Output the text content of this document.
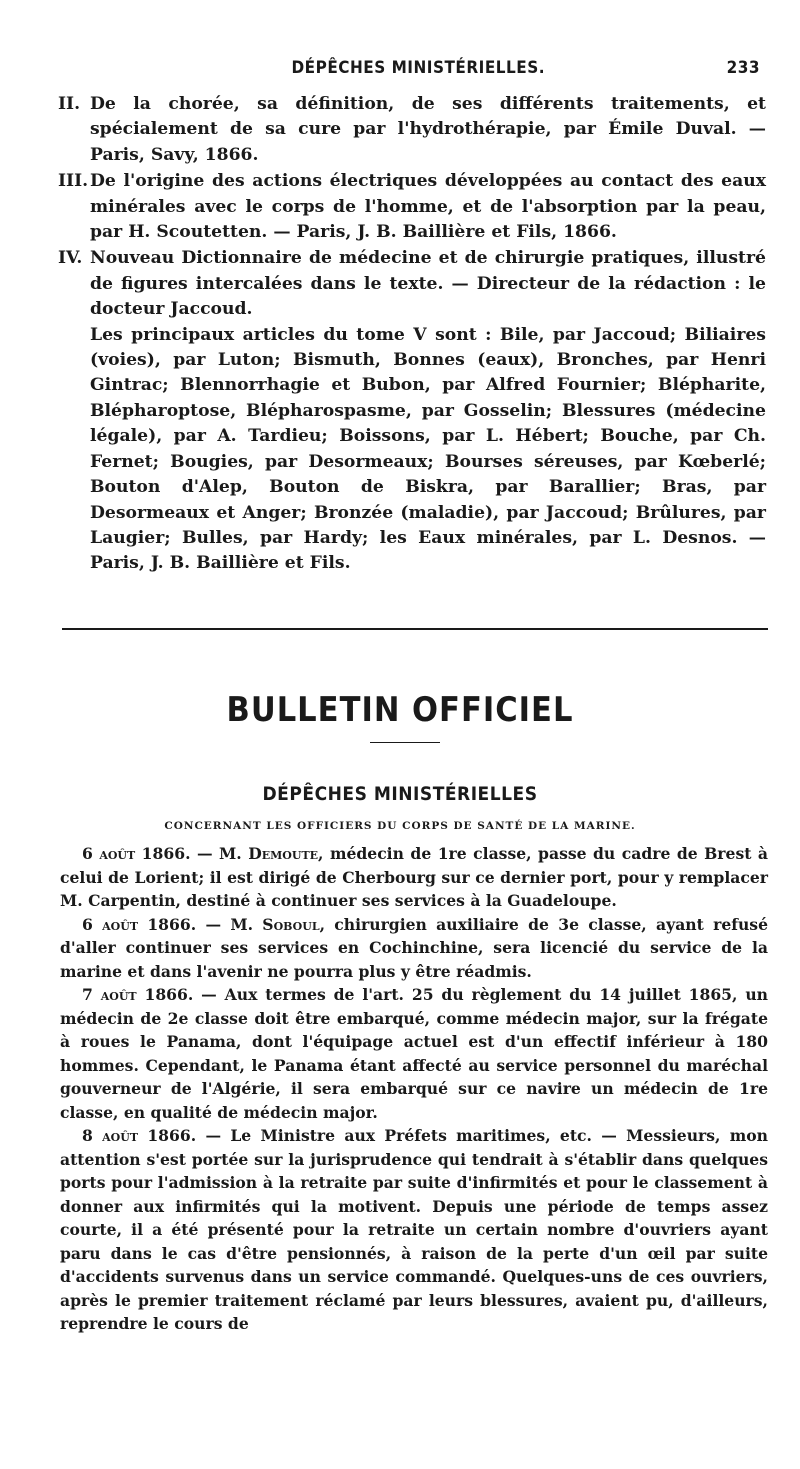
DÉPÊCHES MINISTÉRIELLES.	233
II. De la chorée, sa définition, de ses différents traitements, et spécialement de sa cure par l'hydrothérapie, par Émile Duval. — Paris, Savy, 1866.

III. De l'origine des actions électriques développées au contact des eaux minérales avec le corps de l'homme, et de l'absorption par la peau, par H. Scoutetten. — Paris, J. B. Baillière et Fils, 1866.

IV. Nouveau Dictionnaire de médecine et de chirurgie pratiques, illustré de figures intercalées dans le texte. — Directeur de la rédaction : le docteur Jaccoud.

Les principaux articles du tome V sont : Bile, par Jaccoud; Biliaires (voies), par Luton; Bismuth, Bonnes (eaux), Bronches, par Henri Gintrac; Blennorrhagie et Bubon, par Alfred Fournier; Blépharite, Blépharoptose, Blépharospasme, par Gosselin; Blessures (médecine légale), par A. Tardieu; Boissons, par L. Hébert; Bouche, par Ch. Fernet; Bougies, par Desormeaux; Bourses séreuses, par Kœberlé; Bouton d'Alep, Bouton de Biskra, par Barallier; Bras, par Desormeaux et Anger; Bronzée (maladie), par Jaccoud; Brûlures, par Laugier; Bulles, par Hardy; les Eaux minérales, par L. Desnos. — Paris, J. B. Baillière et Fils.

BULLETIN OFFICIEL
DÉPÊCHES MINISTÉRIELLES
CONCERNANT LES OFFICIERS DU CORPS DE SANTÉ DE LA MARINE.

6 août 1866. — M. Demoute, médecin de 1re classe, passe du cadre de Brest à celui de Lorient; il est dirigé de Cherbourg sur ce dernier port, pour y remplacer M. Carpentin, destiné à continuer ses services à la Guadeloupe.

6 août 1866. — M. Soboul, chirurgien auxiliaire de 3e classe, ayant refusé d'aller continuer ses services en Cochinchine, sera licencié du service de la marine et dans l'avenir ne pourra plus y être réadmis.

7 août 1866. — Aux termes de l'art. 25 du règlement du 14 juillet 1865, un médecin de 2e classe doit être embarqué, comme médecin major, sur la frégate à roues le Panama, dont l'équipage actuel est d'un effectif inférieur à 180 hommes. Cependant, le Panama étant affecté au service personnel du maréchal gouverneur de l'Algérie, il sera embarqué sur ce navire un médecin de 1re classe, en qualité de médecin major.

8 août 1866. — Le Ministre aux Préfets maritimes, etc. — Messieurs, mon attention s'est portée sur la jurisprudence qui tendrait à s'établir dans quelques ports pour l'admission à la retraite par suite d'infirmités et pour le classement à donner aux infirmités qui la motivent. Depuis une période de temps assez courte, il a été présenté pour la retraite un certain nombre d'ouvriers ayant paru dans le cas d'être pensionnés, à raison de la perte d'un œil par suite d'accidents survenus dans un service commandé. Quelques-uns de ces ouvriers, après le premier traitement réclamé par leurs blessures, avaient pu, d'ailleurs, reprendre le cours de
